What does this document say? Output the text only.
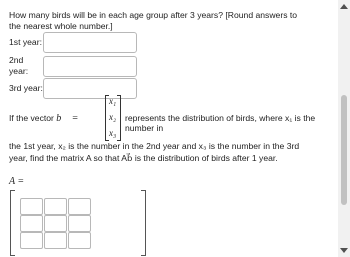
How many birds will be in each age group after 3 years? [Round answers to the nearest whole number.]
1st year:
2nd year:
3rd year:
If the vector b⃗ =
x₁
x₂
x₃
represents the distribution of birds, where x₁ is the number in
the 1st year, x₂ is the number in the 2nd year and x₃ is the number in the 3rd year, find the matrix A so that Ab⃗ is the distribution of birds after 1 year.
A =
